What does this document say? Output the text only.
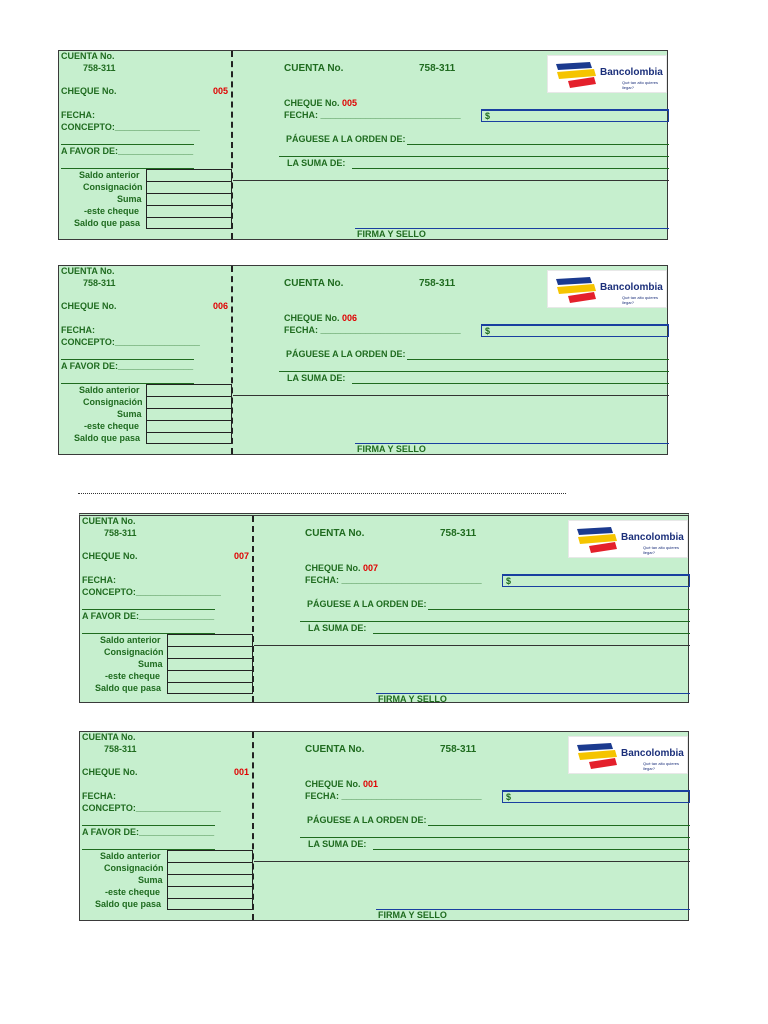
CUENTA No.
758-311
CHEQUE No.	005
FECHA:
CONCEPTO:_________________
A FAVOR DE:_______________
Saldo anterior
Consignación
Suma
-este cheque
Saldo que pasa
CUENTA No.	758-311	Bancolombia
Qué tan alto quieres llegar?
CHEQUE No. 005
FECHA: ____________________________	$
PÁGUESE A LA ORDEN DE:
LA SUMA DE:
FIRMA Y SELLO
CUENTA No.
758-311
CHEQUE No.	006
FECHA:
CONCEPTO:_________________
A FAVOR DE:_______________
Saldo anterior
Consignación
Suma
-este cheque
Saldo que pasa
CUENTA No.	758-311	Bancolombia
Qué tan alto quieres llegar?
CHEQUE No. 006
FECHA: ____________________________	$
PÁGUESE A LA ORDEN DE:
LA SUMA DE:
FIRMA Y SELLO
CUENTA No.
758-311
CHEQUE No.	007
FECHA:
CONCEPTO:_________________
A FAVOR DE:_______________
Saldo anterior
Consignación
Suma
-este cheque
Saldo que pasa
CUENTA No.	758-311	Bancolombia
Qué tan alto quieres llegar?
CHEQUE No. 007
FECHA: ____________________________	$
PÁGUESE A LA ORDEN DE:
LA SUMA DE:
FIRMA Y SELLO
CUENTA No.
758-311
CHEQUE No.	001
FECHA:
CONCEPTO:_________________
A FAVOR DE:_______________
Saldo anterior
Consignación
Suma
-este cheque
Saldo que pasa
CUENTA No.	758-311	Bancolombia
Qué tan alto quieres llegar?
CHEQUE No. 001
FECHA: ____________________________	$
PÁGUESE A LA ORDEN DE:
LA SUMA DE:
FIRMA Y SELLO
